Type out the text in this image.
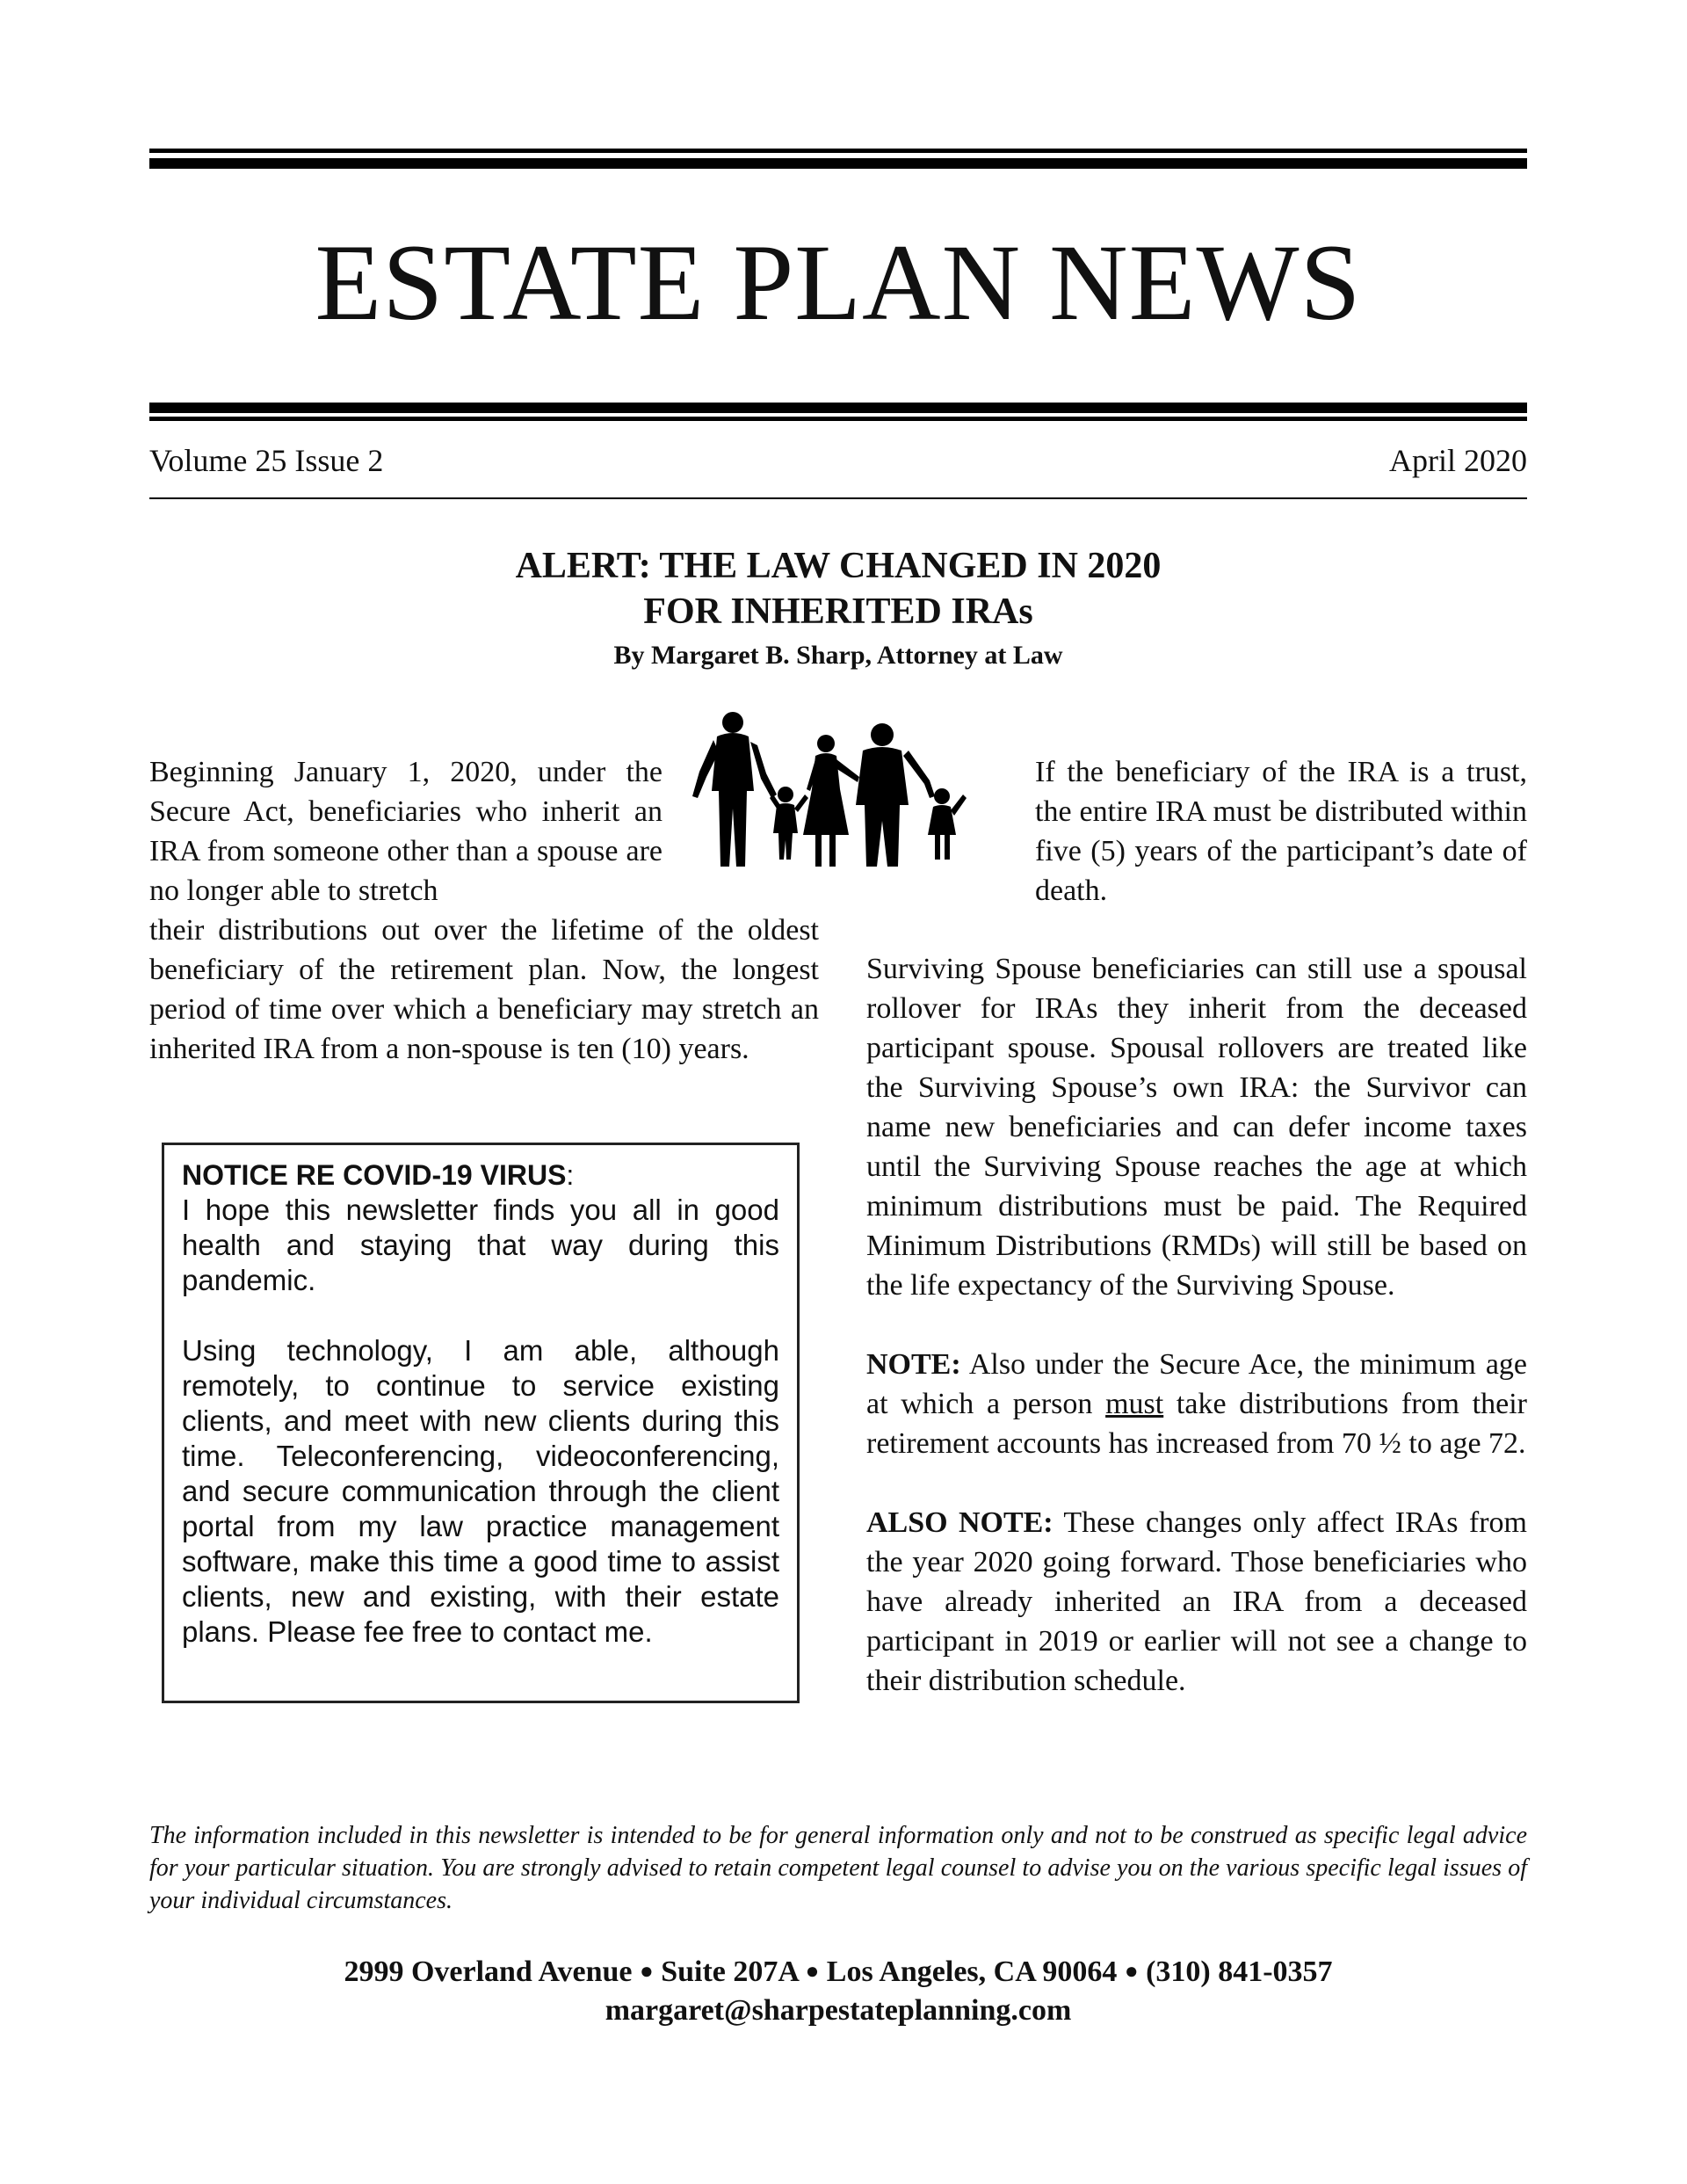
ESTATE PLAN NEWS
Volume 25 Issue 2	April 2020
ALERT: THE LAW CHANGED IN 2020
FOR INHERITED IRAs
By Margaret B. Sharp, Attorney at Law

Beginning January 1, 2020, under the Secure Act, beneficiaries who inherit an IRA from someone other than a spouse are no longer able to stretch

their distributions out over the lifetime of the oldest beneficiary of the retirement plan. Now, the longest period of time over which a beneficiary may stretch an inherited IRA from a non-spouse is ten (10) years.

If the beneficiary of the IRA is a trust, the entire IRA must be distributed within five (5) years of the participant’s date of death.

Surviving Spouse beneficiaries can still use a spousal rollover for IRAs they inherit from the deceased participant spouse. Spousal rollovers are treated like the Surviving Spouse’s own IRA: the Survivor can name new beneficiaries and can defer income taxes until the Surviving Spouse reaches the age at which minimum distributions must be paid. The Required Minimum Distributions (RMDs) will still be based on the life expectancy of the Surviving Spouse.

NOTE: Also under the Secure Ace, the minimum age at which a person must take distributions from their retirement accounts has increased from 70 ½ to age 72.

ALSO NOTE: These changes only affect IRAs from the year 2020 going forward. Those beneficiaries who have already inherited an IRA from a deceased participant in 2019 or earlier will not see a change to their distribution schedule.

NOTICE RE COVID-19 VIRUS:

I hope this newsletter finds you all in good health and staying that way during this pandemic.

Using technology, I am able, although remotely, to continue to service existing clients, and meet with new clients during this time. Teleconferencing, videoconferencing, and secure communication through the client portal from my law practice management software, make this time a good time to assist clients, new and existing, with their estate plans. Please fee free to contact me.

The information included in this newsletter is intended to be for general information only and not to be construed as specific legal advice for your particular situation. You are strongly advised to retain competent legal counsel to advise you on the various specific legal issues of your individual circumstances.
2999 Overland Avenue ● Suite 207A ● Los Angeles, CA 90064 ● (310) 841-0357
margaret@sharpestateplanning.com
